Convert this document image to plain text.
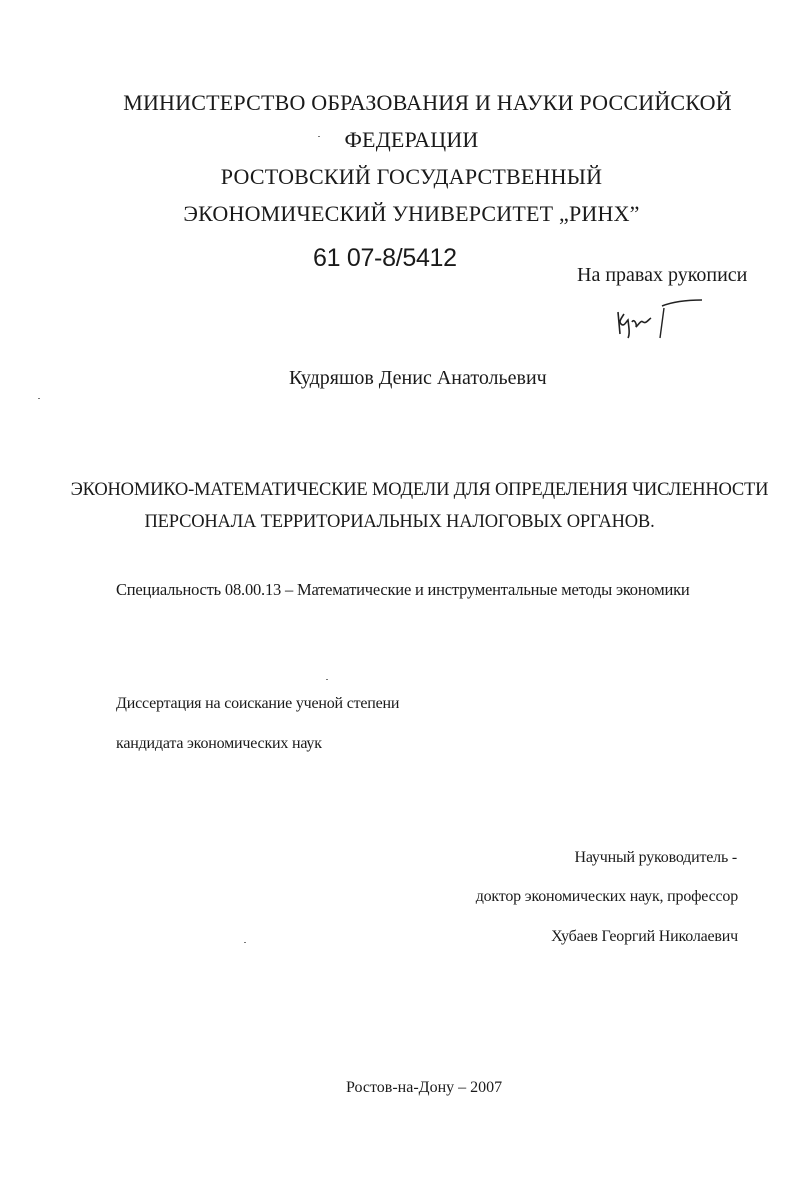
МИНИСТЕРСТВО ОБРАЗОВАНИЯ И НАУКИ РОССИЙСКОЙ
ФЕДЕРАЦИИ
РОСТОВСКИЙ ГОСУДАРСТВЕННЫЙ
ЭКОНОМИЧЕСКИЙ УНИВЕРСИТЕТ „РИНХ”
61 07-8/5412
На правах рукописи
Кудряшов Денис Анатольевич
ЭКОНОМИКО-МАТЕМАТИЧЕСКИЕ МОДЕЛИ ДЛЯ ОПРЕДЕЛЕНИЯ ЧИСЛЕННОСТИ
ПЕРСОНАЛА ТЕРРИТОРИАЛЬНЫХ НАЛОГОВЫХ ОРГАНОВ.
Специальность 08.00.13 – Математические и инструментальные методы экономики
Диссертация на соискание ученой степени
кандидата экономических наук
Научный руководитель -
доктор экономических наук, профессор
Хубаев Георгий Николаевич
Ростов-на-Дону – 2007
